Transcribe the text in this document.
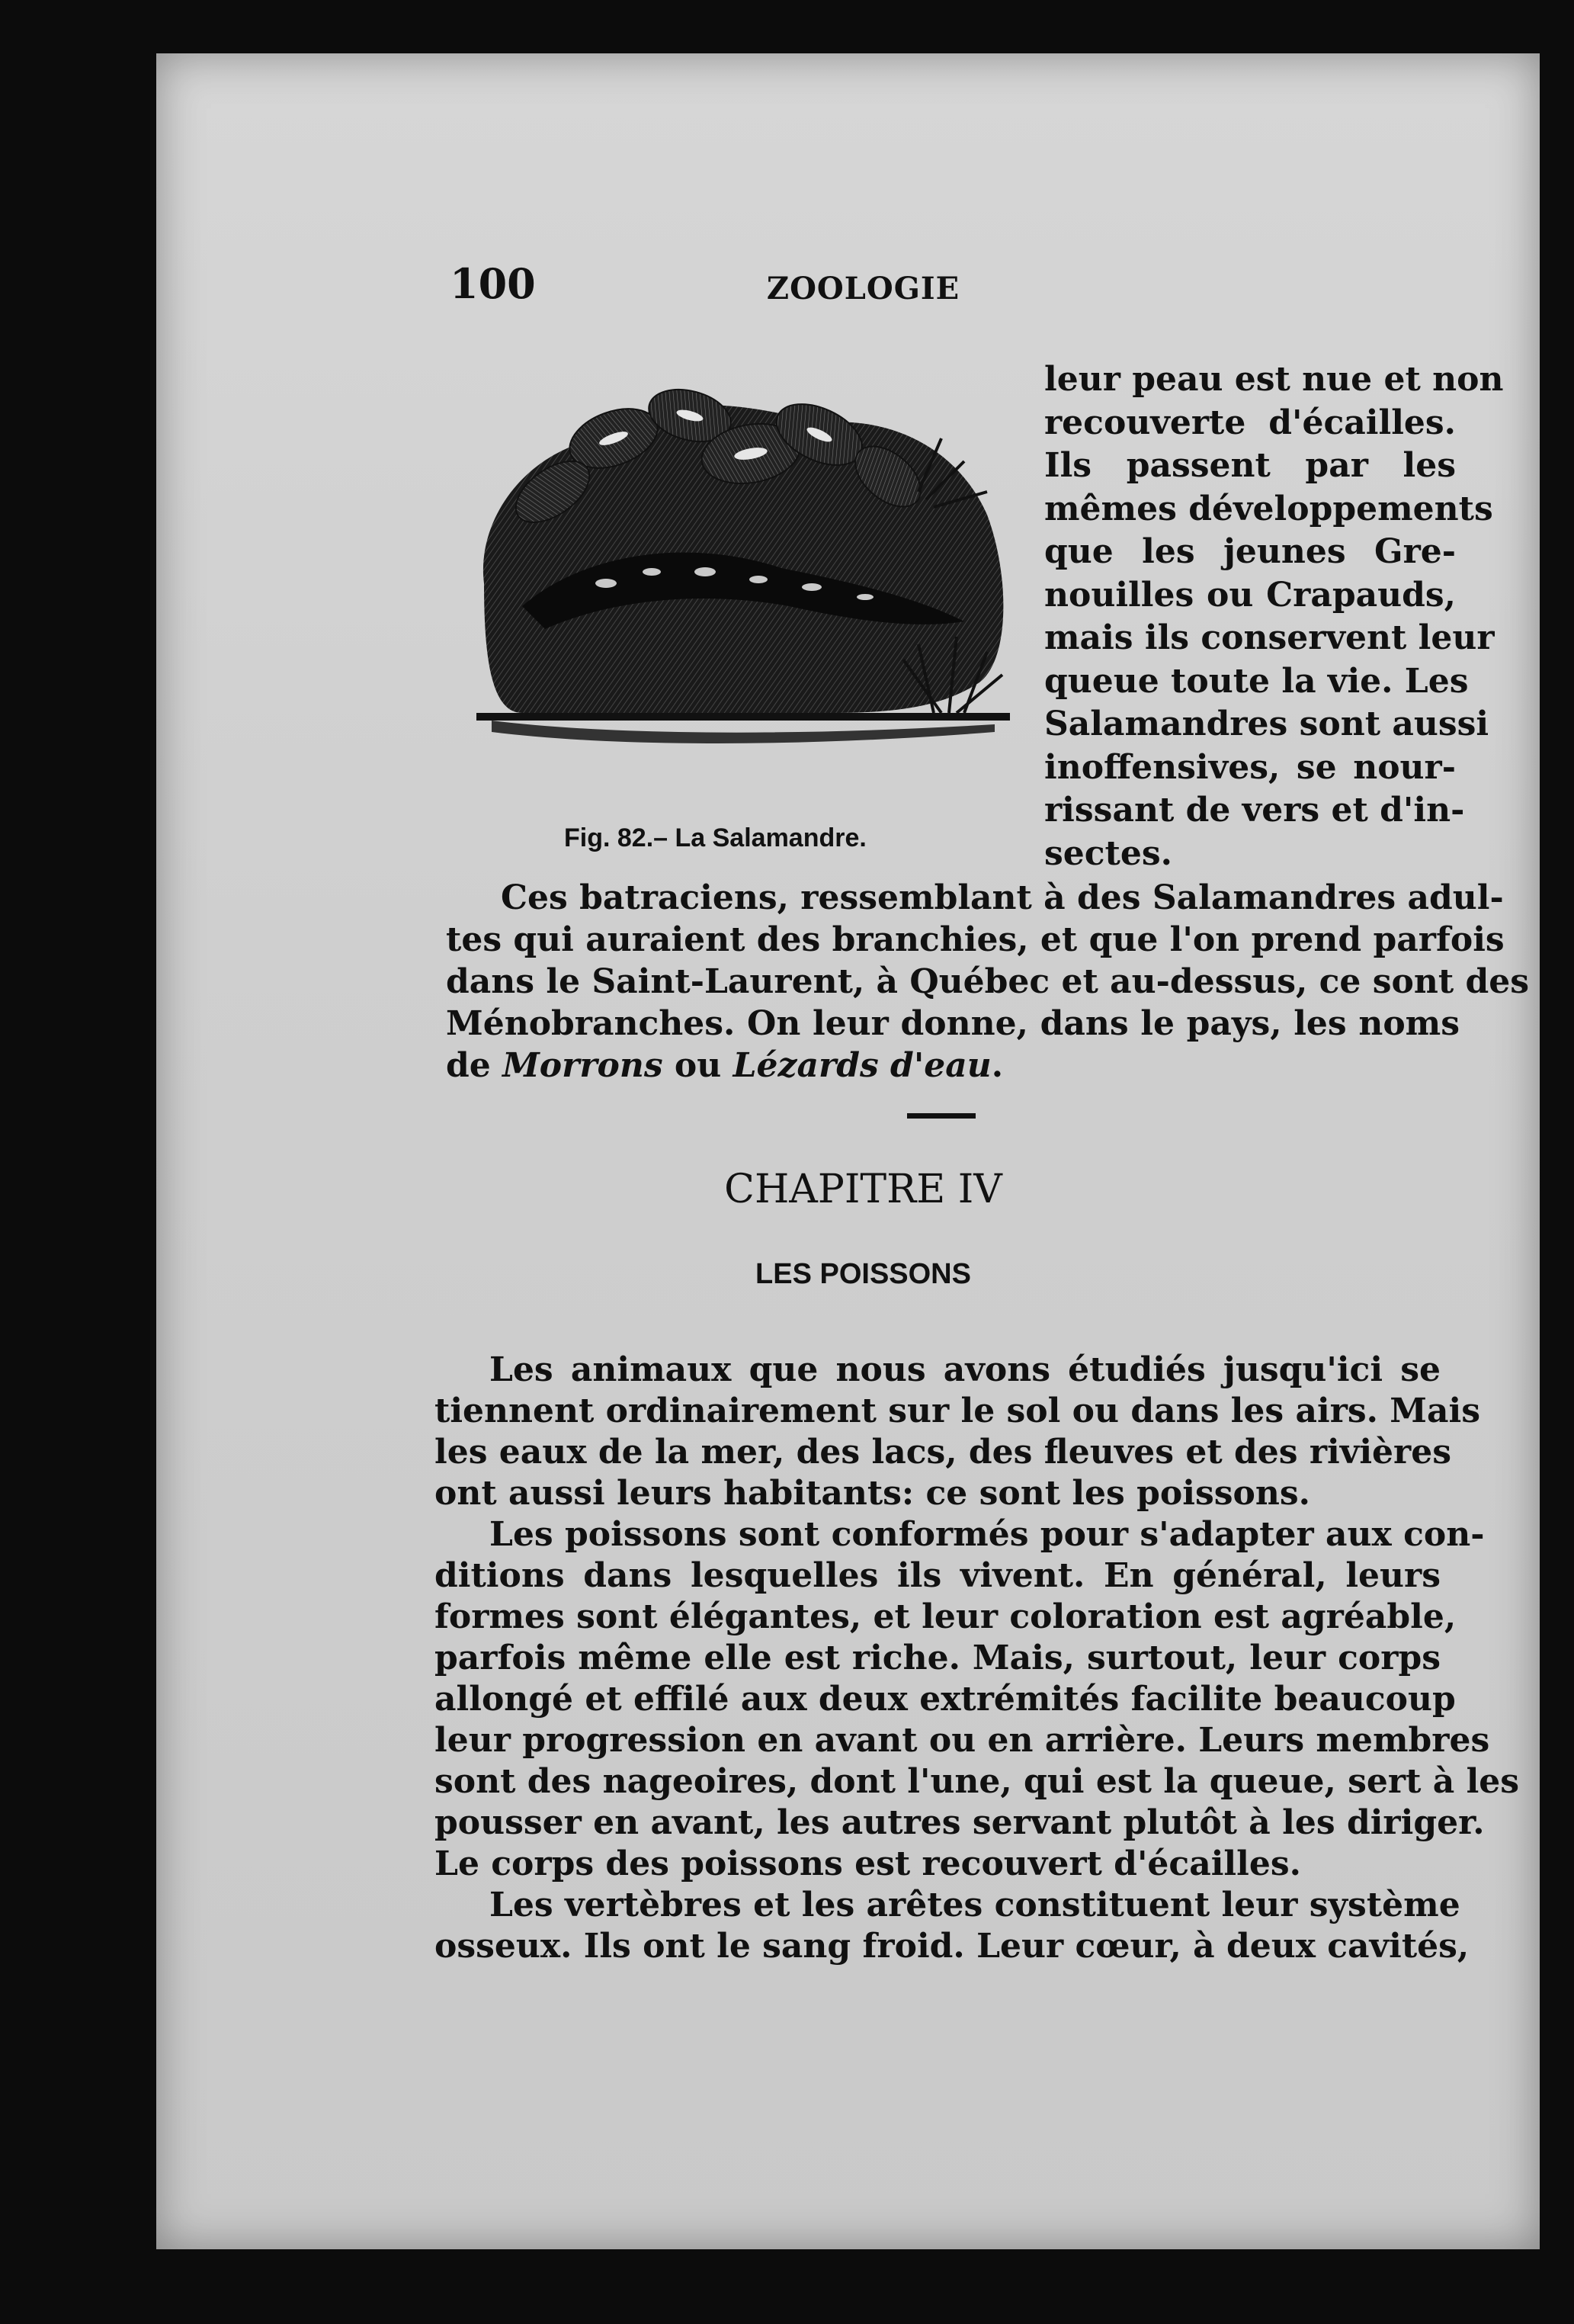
100	ZOOLOGIE
Fig. 82.– La Salamandre.
leur peau est nue et non
recouverte d'écailles.
Ils passent par les
mêmes développements
que les jeunes Gre-
nouilles ou Crapauds,
mais ils conservent leur
queue toute la vie. Les
Salamandres sont aussi
inoffensives, se nour-
rissant de vers et d'in-
sectes.
Ces batraciens, ressemblant à des Salamandres adul-
tes qui auraient des branchies, et que l'on prend parfois
dans le Saint-Laurent, à Québec et au-dessus, ce sont des
Ménobranches. On leur donne, dans le pays, les noms
de Morrons ou Lézards d'eau.
CHAPITRE IV
LES POISSONS
Les animaux que nous avons étudiés jusqu'ici se
tiennent ordinairement sur le sol ou dans les airs. Mais
les eaux de la mer, des lacs, des fleuves et des rivières
ont aussi leurs habitants: ce sont les poissons.
Les poissons sont conformés pour s'adapter aux con-
ditions dans lesquelles ils vivent. En général, leurs
formes sont élégantes, et leur coloration est agréable,
parfois même elle est riche. Mais, surtout, leur corps
allongé et effilé aux deux extrémités facilite beaucoup
leur progression en avant ou en arrière. Leurs membres
sont des nageoires, dont l'une, qui est la queue, sert à les
pousser en avant, les autres servant plutôt à les diriger.
Le corps des poissons est recouvert d'écailles.
Les vertèbres et les arêtes constituent leur système
osseux. Ils ont le sang froid. Leur cœur, à deux cavités,
